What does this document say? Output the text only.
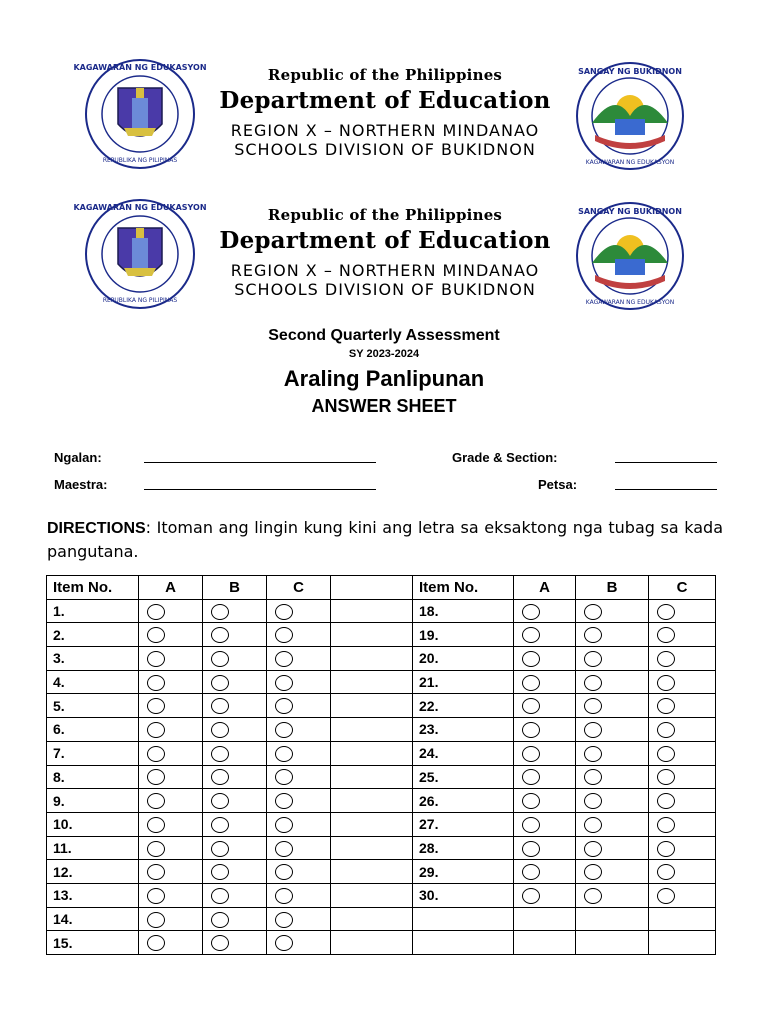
KAGAWARAN NG EDUKASYON
REPUBLIKA NG PILIPINAS
Republic of the Philippines
Department of Education
REGION X – NORTHERN MINDANAO
SCHOOLS DIVISION OF BUKIDNON
SANGAY NG BUKIDNON
KAGAWARAN NG EDUKASYON
KAGAWARAN NG EDUKASYON
REPUBLIKA NG PILIPINAS
Republic of the Philippines
Department of Education
REGION X – NORTHERN MINDANAO
SCHOOLS DIVISION OF BUKIDNON
SANGAY NG BUKIDNON
KAGAWARAN NG EDUKASYON
Second Quarterly Assessment
SY 2023-2024
Araling Panlipunan
ANSWER SHEET
Ngalan:	Grade & Section:
Maestra:	Petsa:
DIRECTIONS: Itoman ang lingin kung kini ang letra sa eksaktong nga tubag sa kada pangutana.
Item No.	A	B	C		Item No.	A	B	C
1.					18.			
2.					19.			
3.					20.			
4.					21.			
5.					22.			
6.					23.			
7.					24.			
8.					25.			
9.					26.			
10.					27.			
11.					28.			
12.					29.			
13.					30.			
14.								
15.								
